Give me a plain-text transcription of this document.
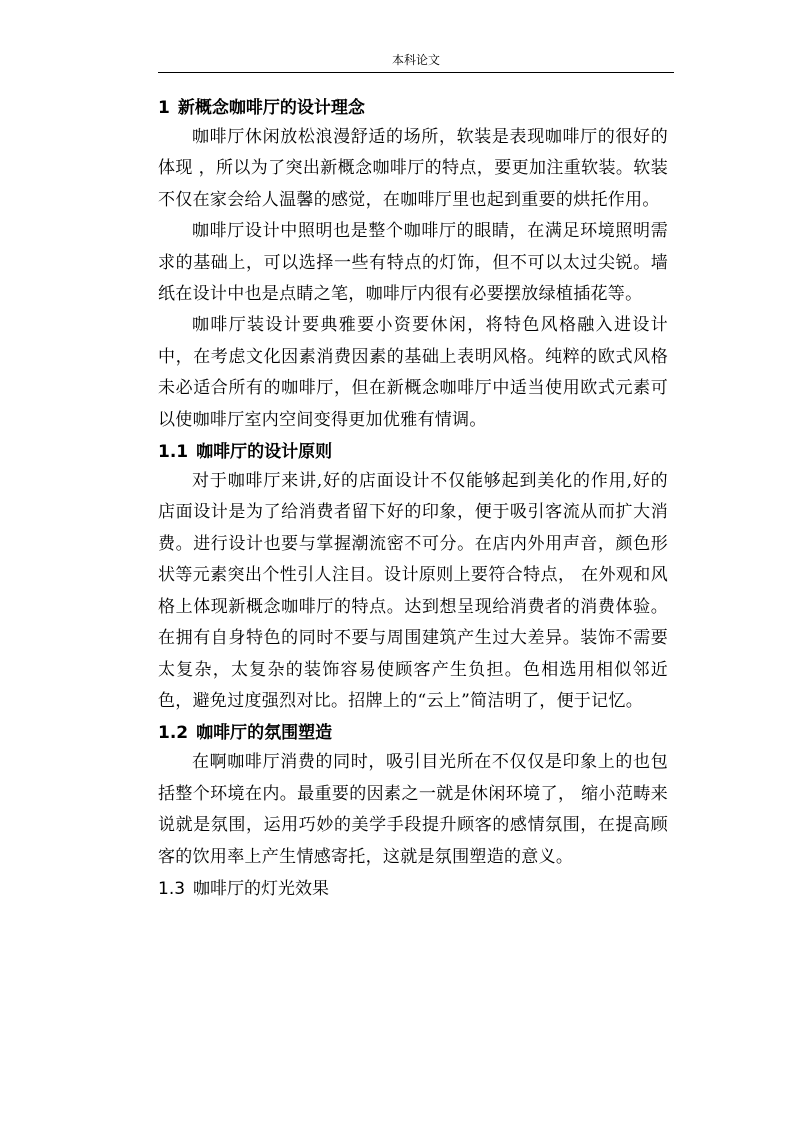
本科论文
1 新概念咖啡厅的设计理念

咖啡厅休闲放松浪漫舒适的场所，软装是表现咖啡厅的很好的体现 ，所以为了突出新概念咖啡厅的特点，要更加注重软装。软装不仅在家会给人温馨的感觉，在咖啡厅里也起到重要的烘托作用。

咖啡厅设计中照明也是整个咖啡厅的眼睛，在满足环境照明需求的基础上，可以选择一些有特点的灯饰，但不可以太过尖锐。墙纸在设计中也是点睛之笔，咖啡厅内很有必要摆放绿植插花等。

咖啡厅装设计要典雅要小资要休闲，将特色风格融入进设计中，在考虑文化因素消费因素的基础上表明风格。纯粹的欧式风格未必适合所有的咖啡厅，但在新概念咖啡厅中适当使用欧式元素可以使咖啡厅室内空间变得更加优雅有情调。

1.1 咖啡厅的设计原则

对于咖啡厅来讲,好的店面设计不仅能够起到美化的作用,好的店面设计是为了给消费者留下好的印象，便于吸引客流从而扩大消费。进行设计也要与掌握潮流密不可分。在店内外用声音，颜色形状等元素突出个性引人注目。设计原则上要符合特点， 在外观和风格上体现新概念咖啡厅的特点。达到想呈现给消费者的消费体验。在拥有自身特色的同时不要与周围建筑产生过大差异。装饰不需要太复杂，太复杂的装饰容易使顾客产生负担。色相选用相似邻近色，避免过度强烈对比。招牌上的“云上”简洁明了，便于记忆。

1.2 咖啡厅的氛围塑造

在啊咖啡厅消费的同时，吸引目光所在不仅仅是印象上的也包括整个环境在内。最重要的因素之一就是休闲环境了， 缩小范畴来说就是氛围，运用巧妙的美学手段提升顾客的感情氛围，在提高顾客的饮用率上产生情感寄托，这就是氛围塑造的意义。

1.3 咖啡厅的灯光效果
